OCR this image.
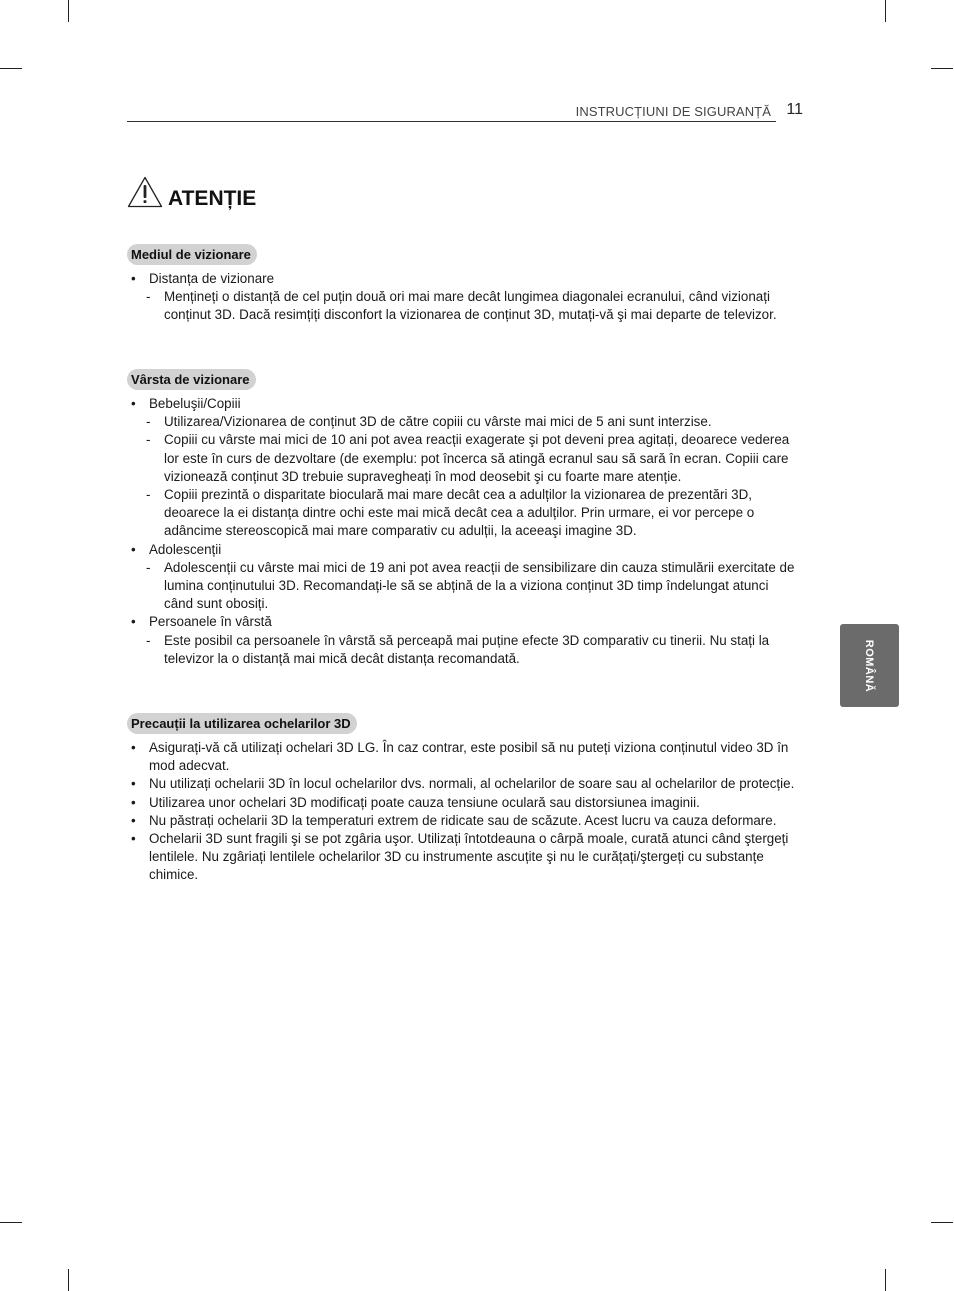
INSTRUCȚIUNI DE SIGURANȚĂ 11
ATENȚIE
Mediul de vizionare
• Distanța de vizionare
- Mențineți o distanță de cel puțin două ori mai mare decât lungimea diagonalei ecranului, când vizionați conținut 3D. Dacă resimțiți disconfort la vizionarea de conținut 3D, mutați-vă şi mai departe de televizor.
Vârsta de vizionare
• Bebeluşii/Copiii
- Utilizarea/Vizionarea de conținut 3D de către copiii cu vârste mai mici de 5 ani sunt interzise.
- Copiii cu vârste mai mici de 10 ani pot avea reacții exagerate şi pot deveni prea agitați, deoarece vederea lor este în curs de dezvoltare (de exemplu: pot încerca să atingă ecranul sau să sară în ecran. Copiii care vizionează conținut 3D trebuie supravegheați în mod deosebit şi cu foarte mare atenție.
- Copiii prezintă o disparitate bioculară mai mare decât cea a adulților la vizionarea de prezentări 3D, deoarece la ei distanța dintre ochi este mai mică decât cea a adulților. Prin urmare, ei vor percepe o adâncime stereoscopică mai mare comparativ cu adulții, la aceeaşi imagine 3D.
• Adolescenții
- Adolescenții cu vârste mai mici de 19 ani pot avea reacții de sensibilizare din cauza stimulării exercitate de lumina conținutului 3D. Recomandați-le să se abțină de la a viziona conținut 3D timp îndelungat atunci când sunt obosiți.
• Persoanele în vârstă
- Este posibil ca persoanele în vârstă să perceapă mai puține efecte 3D comparativ cu tinerii. Nu stați la televizor la o distanță mai mică decât distanța recomandată.
Precauții la utilizarea ochelarilor 3D
• Asigurați-vă că utilizați ochelari 3D LG. În caz contrar, este posibil să nu puteți viziona conținutul video 3D în mod adecvat.
• Nu utilizați ochelarii 3D în locul ochelarilor dvs. normali, al ochelarilor de soare sau al ochelarilor de protecție.
• Utilizarea unor ochelari 3D modificați poate cauza tensiune oculară sau distorsiunea imaginii.
• Nu păstrați ochelarii 3D la temperaturi extrem de ridicate sau de scăzute. Acest lucru va cauza deformare.
• Ochelarii 3D sunt fragili şi se pot zgâria uşor. Utilizați întotdeauna o cârpă moale, curată atunci când ştergeți lentilele. Nu zgâriați lentilele ochelarilor 3D cu instrumente ascuțite şi nu le curățați/ştergeți cu substanțe chimice.
ROMÂNĂ
